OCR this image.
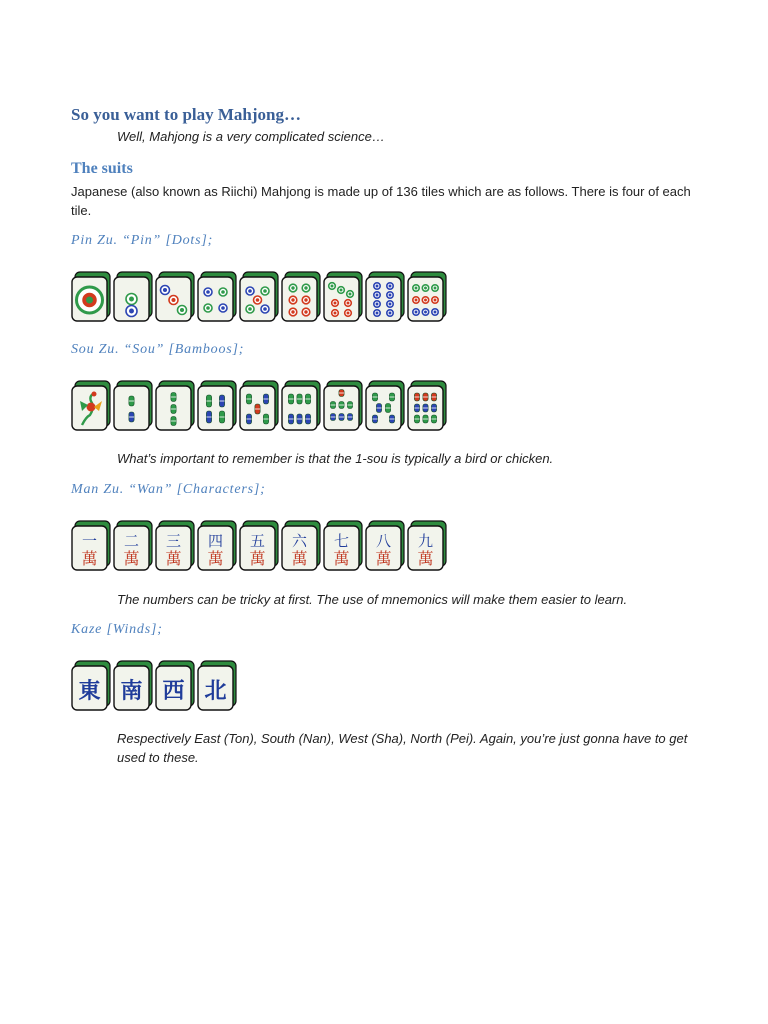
So you want to play Mahjong…
Well, Mahjong is a very complicated science…
The suits
Japanese (also known as Riichi) Mahjong is made up of 136 tiles which are as follows. There is four of each tile.
Pin Zu. “Pin” [Dots];
Sou Zu. “Sou” [Bamboos];
What’s important to remember is that the 1-sou is typically a bird or chicken.
Man Zu. “Wan” [Characters];
一
萬
二
萬
三
萬
四
萬
五
萬
六
萬
七
萬
八
萬
九
萬
The numbers can be tricky at first. The use of mnemonics will make them easier to learn.
Kaze [Winds];
東 南 西 北
Respectively East (Ton), South (Nan), West (Sha), North (Pei). Again, you’re just gonna have to get used to these.
